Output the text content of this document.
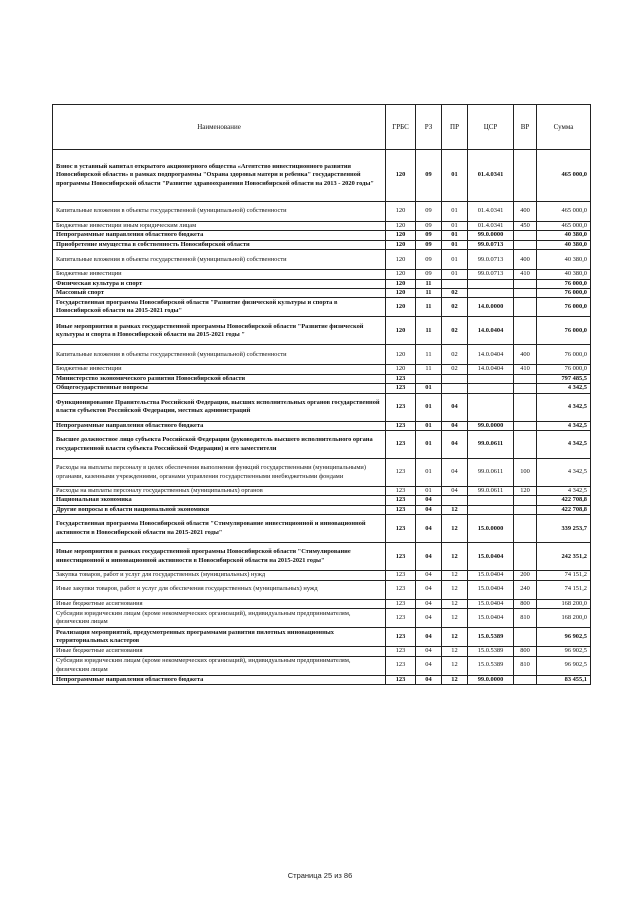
Наименование	ГРБС	РЗ	ПР	ЦСР	ВР	Сумма
Взнос в уставный капитал открытого акционерного общества «Агентство инвестиционного развития Новосибирской области» в рамках подпрограммы "Охрана здоровья матери и ребенка" государственной программы Новосибирской области "Развитие здравоохранения Новосибирской области на 2013 - 2020 годы"	120	09	01	01.4.0341		465 000,0
Капитальные вложения в объекты государственной (муниципальной) собственности	120	09	01	01.4.0341	400	465 000,0
Бюджетные инвестиции иным юридическим лицам	120	09	01	01.4.0341	450	465 000,0
Непрограммные направления областного бюджета	120	09	01	99.0.0000		40 380,0
Приобретение имущества в собственность Новосибирской области	120	09	01	99.0.0713		40 380,0
Капитальные вложения в объекты государственной (муниципальной) собственности	120	09	01	99.0.0713	400	40 380,0
Бюджетные инвестиции	120	09	01	99.0.0713	410	40 380,0
Физическая культура и спорт	120	11				76 000,0
Массовый спорт	120	11	02			76 000,0
Государственная программа Новосибирской области "Развитие физической культуры и спорта в Новосибирской области на 2015-2021 годы"	120	11	02	14.0.0000		76 000,0
Иные мероприятия в рамках государственной программы Новосибирской области "Развитие физической культуры и спорта в Новосибирской области на 2015-2021 годы "	120	11	02	14.0.0404		76 000,0
Капитальные вложения в объекты государственной (муниципальной) собственности	120	11	02	14.0.0404	400	76 000,0
Бюджетные инвестиции	120	11	02	14.0.0404	410	76 000,0
Министерство экономического развития Новосибирской области	123					797 485,5
Общегосударственные вопросы	123	01				4 342,5
Функционирование Правительства Российской Федерации, высших исполнительных органов государственной власти субъектов Российской Федерации, местных администраций	123	01	04			4 342,5
Непрограммные направления областного бюджета	123	01	04	99.0.0000		4 342,5
Высшее должностное лицо субъекта Российской Федерации (руководитель высшего исполнительного органа государственной власти субъекта Российской Федерации) и его заместители	123	01	04	99.0.0611		4 342,5
Расходы на выплаты персоналу в целях обеспечения выполнения функций государственными (муниципальными) органами, казенными учреждениями, органами управления государственными внебюджетными фондами	123	01	04	99.0.0611	100	4 342,5
Расходы на выплаты персоналу государственных (муниципальных) органов	123	01	04	99.0.0611	120	4 342,5
Национальная экономика	123	04				422 708,8
Другие вопросы в области национальной экономики	123	04	12			422 708,8
Государственная программа Новосибирской области "Стимулирование инвестиционной и инновационной активности в Новосибирской области на 2015-2021 годы"	123	04	12	15.0.0000		339 253,7
Иные мероприятия в рамках государственной программы Новосибирской области "Стимулирование инвестиционной и инновационной активности в Новосибирской области на 2015-2021 годы"	123	04	12	15.0.0404		242 351,2
Закупка товаров, работ и услуг для государственных (муниципальных) нужд	123	04	12	15.0.0404	200	74 151,2
Иные закупки товаров, работ и услуг для обеспечения государственных (муниципальных) нужд	123	04	12	15.0.0404	240	74 151,2
Иные бюджетные ассигнования	123	04	12	15.0.0404	800	168 200,0
Субсидии юридическим лицам (кроме некоммерческих организаций), индивидуальным предпринимателям, физическим лицам	123	04	12	15.0.0404	810	168 200,0
Реализация мероприятий, предусмотренных программами развития пилотных инновационных территориальных кластеров	123	04	12	15.0.5389		96 902,5
Иные бюджетные ассигнования	123	04	12	15.0.5389	800	96 902,5
Субсидии юридическим лицам (кроме некоммерческих организаций), индивидуальным предпринимателям, физическим лицам	123	04	12	15.0.5389	810	96 902,5
Непрограммные направления областного бюджета	123	04	12	99.0.0000		83 455,1
Страница 25 из 86
